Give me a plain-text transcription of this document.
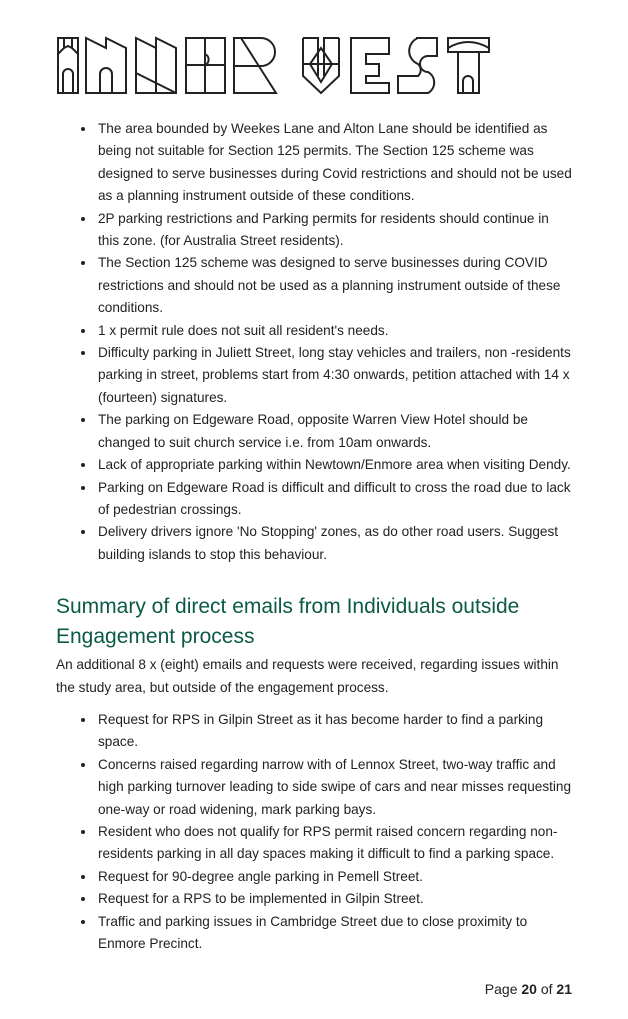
• The area bounded by Weekes Lane and Alton Lane should be identified as being not suitable for Section 125 permits. The Section 125 scheme was designed to serve businesses during Covid restrictions and should not be used as a planning instrument outside of these conditions.
• 2P parking restrictions and Parking permits for residents should continue in this zone. (for Australia Street residents).
• The Section 125 scheme was designed to serve businesses during COVID restrictions and should not be used as a planning instrument outside of these conditions.
• 1 x permit rule does not suit all resident's needs.
• Difficulty parking in Juliett Street, long stay vehicles and trailers, non -residents parking in street, problems start from 4:30 onwards, petition attached with 14 x (fourteen) signatures.
• The parking on Edgeware Road, opposite Warren View Hotel should be changed to suit church service i.e. from 10am onwards.
• Lack of appropriate parking within Newtown/Enmore area when visiting Dendy.
• Parking on Edgeware Road is difficult and difficult to cross the road due to lack of pedestrian crossings.
• Delivery drivers ignore 'No Stopping' zones, as do other road users. Suggest building islands to stop this behaviour.
Summary of direct emails from Individuals outside
Engagement process

An additional 8 x (eight) emails and requests were received, regarding issues within the study area, but outside of the engagement process.

• Request for RPS in Gilpin Street as it has become harder to find a parking space.
• Concerns raised regarding narrow with of Lennox Street, two-way traffic and high parking turnover leading to side swipe of cars and near misses requesting one-way or road widening, mark parking bays.
• Resident who does not qualify for RPS permit raised concern regarding non-residents parking in all day spaces making it difficult to find a parking space.
• Request for 90-degree angle parking in Pemell Street.
• Request for a RPS to be implemented in Gilpin Street.
• Traffic and parking issues in Cambridge Street due to close proximity to Enmore Precinct.
Page 20 of 21
